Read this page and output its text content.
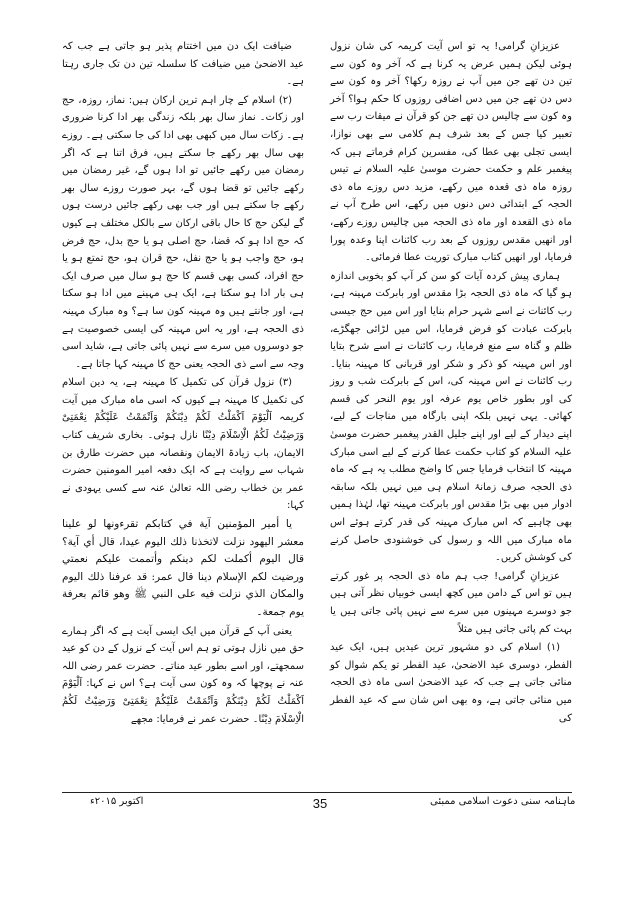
عزیزانِ گرامی! یہ تو اس آیت کریمہ کی شان نزول ہوئی لیکن ہمیں عرض یہ کرنا ہے کہ آخر وہ کون سے تین دن تھے جن میں آپ نے روزہ رکھا؟ آخر وہ کون سے دس دن تھے جن میں دس اضافی روزوں کا حکم ہوا؟ آخر وہ کون سے چالیس دن تھے جن کو قرآن نے میقات رب سے تعبیر کیا جس کے بعد شرف ہم کلامی سے بھی نوازا، ایسی تجلی بھی عطا کی، مفسرین کرام فرماتے ہیں کہ پیغمبر علم و حکمت حضرت موسیٰ علیہ السلام نے تیس روزہ ماہ ذی قعدہ میں رکھے، مزید دس روزے ماہ ذی الحجہ کے ابتدائی دس دنوں میں رکھے، اس طرح آپ نے ماہ ذی القعدہ اور ماہ ذی الحجہ میں چالیس روزے رکھے، اور انھیں مقدس روزوں کے بعد رب کائنات اپنا وعدہ پورا فرمایا، اور انھیں کتاب مبارک توریت عطا فرمائی۔

ہماری پیش کردہ آیات کو سن کر آپ کو بخوبی اندازہ ہو گیا کہ ماہ ذی الحجہ بڑا مقدس اور بابرکت مہینہ ہے، رب کائنات نے اسے شہر حرام بنایا اور اس میں حج جیسی بابرکت عبادت کو فرض فرمایا، اس میں لڑائی جھگڑے، ظلم و گناہ سے منع فرمایا، رب کائنات نے اسے شرح بتایا اور اس مہینہ کو ذکر و شکر اور قربانی کا مہینہ بنایا۔ رب کائنات نے اس مہینہ کی، اس کے بابرکت شب و روز کی اور بطور خاص یوم عرفہ اور یوم النحر کی قسم کھائی۔ یہی نہیں بلکہ اپنی بارگاہ میں مناجات کے لیے، اپنے دیدار کے لیے اور اپنے جلیل القدر پیغمبر حضرت موسیٰ علیہ السلام کو کتاب حکمت عطا کرنے کے لیے اسی مبارک مہینہ کا انتخاب فرمایا جس کا واضح مطلب یہ ہے کہ ماہ ذی الحجہ صرف زمانۂ اسلام ہی میں نہیں بلکہ سابقہ ادوار میں بھی بڑا مقدس اور بابرکت مہینہ تھا، لہٰذا ہمیں بھی چاہیے کہ اس مبارک مہینہ کی قدر کرتے ہوئے اس ماہ مبارک میں اللہ و رسول کی خوشنودی حاصل کرنے کی کوشش کریں۔

عزیزانِ گرامی! جب ہم ماہ ذی الحجہ پر غور کرتے ہیں تو اس کے دامن میں کچھ ایسی خوبیاں نظر آتی ہیں جو دوسرے مہینوں میں سرے سے نہیں پائی جاتی ہیں یا بہت کم پائی جاتی ہیں مثلاً

(۱) اسلام کی دو مشہور ترین عیدیں ہیں، ایک عید الفطر، دوسری عید الاضحیٰ، عید الفطر تو یکم شوال کو منائی جاتی ہے جب کہ عید الاضحیٰ اسی ماہ ذی الحجہ میں منائی جاتی ہے، وہ بھی اس شان سے کہ عید الفطر کی

ضیافت ایک دن میں اختتام پذیر ہو جاتی ہے جب کہ عید الاضحیٰ میں ضیافت کا سلسلہ تین دن تک جاری رہتا ہے۔

(۲) اسلام کے چار اہم ترین ارکان ہیں: نماز، روزہ، حج اور زکات۔ نماز سال بھر بلکہ زندگی بھر ادا کرنا ضروری ہے۔ زکات سال میں کبھی بھی ادا کی جا سکتی ہے۔ روزے بھی سال بھر رکھے جا سکتے ہیں، فرق اتنا ہے کہ اگر رمضان میں رکھے جائیں تو ادا ہوں گے، غیر رمضان میں رکھے جائیں تو قضا ہوں گے، بہر صورت روزے سال بھر رکھے جا سکتے ہیں اور جب بھی رکھے جائیں درست ہوں گے لیکن حج کا حال باقی ارکان سے بالکل مختلف ہے کیوں کہ حج ادا ہو کہ قضا، حج اصلی ہو یا حج بدل، حج فرض ہو، حج واجب ہو یا حج نفل، حج قران ہو، حج تمتع ہو یا حج افراد، کسی بھی قسم کا حج ہو سال میں صرف ایک ہی بار ادا ہو سکتا ہے، ایک ہی مہینے میں ادا ہو سکتا ہے، اور جانتے ہیں وہ مہینہ کون سا ہے؟ وہ مبارک مہینہ ذی الحجہ ہے، اور یہ اس مہینہ کی ایسی خصوصیت ہے جو دوسروں میں سرے سے نہیں پائی جاتی ہے، شاید اسی وجہ سے اسے ذی الحجہ یعنی حج کا مہینہ کہا جاتا ہے۔

(۳) نزول قرآن کی تکمیل کا مہینہ ہے، یہ دین اسلام کی تکمیل کا مہینہ ہے کیوں کہ اسی ماہ مبارک میں آیت کریمہ اَلْیَوْمَ اَکْمَلْتُ لَکُمْ دِیْنَکُمْ وَاَتْمَمْتُ عَلَیْکُمْ نِعْمَتِیْ وَرَضِیْتُ لَکُمُ الْاِسْلَامَ دِیْنًا نازل ہوئی۔ بخاری شریف کتاب الایمان، باب زیادۃ الایمان ونقصانہ میں حضرت طارق بن شہاب سے روایت ہے کہ ایک دفعہ امیر المومنین حضرت عمر بن خطاب رضی اللہ تعالیٰ عنہ سے کسی یہودی نے کہا:

يا أمير المؤمنين آية في كتابكم تقرءونها لو علينا معشر اليهود نزلت لاتخذنا ذلك اليوم عيدا، قال أي آية؟ قال اليوم أكملت لكم دينكم وأتممت عليكم نعمتي ورضيت لكم الإسلام دينا قال عمر: قد عرفنا ذلك اليوم والمكان الذي نزلت فيه على النبي ﷺ وهو قائم بعرفة يوم جمعة۔

یعنی آپ کے قرآن میں ایک ایسی آیت ہے کہ اگر ہمارے حق میں نازل ہوتی تو ہم اس آیت کے نزول کے دن کو عید سمجھتے، اور اسے بطور عید مناتے۔ حضرت عمر رضی اللہ عنہ نے پوچھا کہ وہ کون سی آیت ہے؟ اس نے کہا: اَلْیَوْمَ اَکْمَلْتُ لَکُمْ دِیْنَکُمْ وَاَتْمَمْتُ عَلَیْکُمْ نِعْمَتِیْ وَرَضِیْتُ لَکُمُ الْاِسْلَامَ دِیْنًا۔ حضرت عمر نے فرمایا: مجھے

اکتوبر ۲۰۱۵ء	35	ماہنامہ سنی دعوت اسلامی ممبئی
